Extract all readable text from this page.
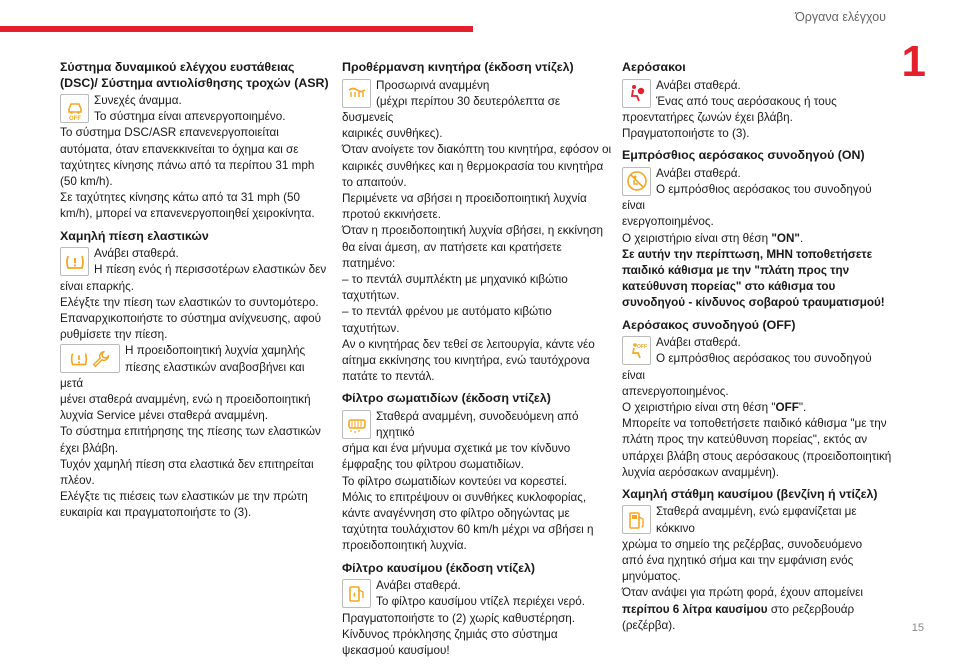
Όργανα ελέγχου
1
15
Σύστημα δυναμικού ελέγχου ευστάθειας (DSC)/ Σύστημα αντιολίσθησης τροχών (ASR)
OFF
Συνεχές άναμμα.
Το σύστημα είναι απενεργοποιημένο.

Το σύστημα DSC/ASR επανενεργοποιείται αυτόματα, όταν επανεκκινείται το όχημα και σε ταχύτητες κίνησης πάνω από τα περίπου 31 mph (50 km/h).

Σε ταχύτητες κίνησης κάτω από τα 31 mph (50 km/h), μπορεί να επανενεργοποιηθεί χειροκίνητα.

Χαμηλή πίεση ελαστικών
Ανάβει σταθερά.
Η πίεση ενός ή περισσοτέρων ελαστικών δεν

είναι επαρκής.

Ελέγξτε την πίεση των ελαστικών το συντομότερο.

Επαναρχικοποιήστε το σύστημα ανίχνευσης, αφού ρυθμίσετε την πίεση.

Η προειδοποιητική λυχνία χαμηλής
πίεσης ελαστικών αναβοσβήνει και μετά

μένει σταθερά αναμμένη, ενώ η προειδοποιητική λυχνία Service μένει σταθερά αναμμένη.

Το σύστημα επιτήρησης της πίεσης των ελαστικών έχει βλάβη.

Τυχόν χαμηλή πίεση στα ελαστικά δεν επιτηρείται πλέον.

Ελέγξτε τις πιέσεις των ελαστικών με την πρώτη ευκαιρία και πραγματοποιήστε το (3).

Προθέρμανση κινητήρα (έκδοση ντίζελ)
Προσωρινά αναμμένη
(μέχρι περίπου 30 δευτερόλεπτα σε δυσμενείς

καιρικές συνθήκες).

Όταν ανοίγετε τον διακόπτη του κινητήρα, εφόσον οι καιρικές συνθήκες και η θερμοκρασία του κινητήρα το απαιτούν.

Περιμένετε να σβήσει η προειδοποιητική λυχνία προτού εκκινήσετε.

Όταν η προειδοποιητική λυχνία σβήσει, η εκκίνηση θα είναι άμεση, αν πατήσετε και κρατήσετε πατημένο:

– το πεντάλ συμπλέκτη με μηχανικό κιβώτιο ταχυτήτων.

– το πεντάλ φρένου με αυτόματο κιβώτιο ταχυτήτων.

Αν ο κινητήρας δεν τεθεί σε λειτουργία, κάντε νέο αίτημα εκκίνησης του κινητήρα, ενώ ταυτόχρονα πατάτε το πεντάλ.

Φίλτρο σωματιδίων (έκδοση ντίζελ)
Σταθερά αναμμένη, συνοδευόμενη από ηχητικό
σήμα και ένα μήνυμα σχετικά με τον κίνδυνο

έμφραξης του φίλτρου σωματιδίων.

Το φίλτρο σωματιδίων κοντεύει να κορεστεί.

Μόλις το επιτρέψουν οι συνθήκες κυκλοφορίας, κάντε αναγέννηση στο φίλτρο οδηγώντας με ταχύτητα τουλάχιστον 60 km/h μέχρι να σβήσει η προειδοποιητική λυχνία.

Φίλτρο καυσίμου (έκδοση ντίζελ)
Ανάβει σταθερά.
Το φίλτρο καυσίμου ντίζελ περιέχει νερό.

Πραγματοποιήστε το (2) χωρίς καθυστέρηση. Κίνδυνος πρόκλησης ζημιάς στο σύστημα ψεκασμού καυσίμου!

Αερόσακοι
Ανάβει σταθερά.
Ένας από τους αερόσακους ή τους

προεντατήρες ζωνών έχει βλάβη.

Πραγματοποιήστε το (3).

Εμπρόσθιος αερόσακος συνοδηγού (ON)
Ανάβει σταθερά.
Ο εμπρόσθιος αερόσακος του συνοδηγού είναι

ενεργοποιημένος.

Ο χειριστήριο είναι στη θέση "ON".

Σε αυτήν την περίπτωση, ΜΗΝ τοποθετήσετε παιδικό κάθισμα με την "πλάτη προς την κατεύθυνση πορείας" στο κάθισμα του συνοδηγού - κίνδυνος σοβαρού τραυματισμού!

Αερόσακος συνοδηγού (OFF)
OFF Ανάβει σταθερά.
Ο εμπρόσθιος αερόσακος του συνοδηγού είναι

απενεργοποιημένος.

Ο χειριστήριο είναι στη θέση "OFF".

Μπορείτε να τοποθετήσετε παιδικό κάθισμα "με την πλάτη προς την κατεύθυνση πορείας", εκτός αν υπάρχει βλάβη στους αερόσακους (προειδοποιητική λυχνία αερόσακων αναμμένη).

Χαμηλή στάθμη καυσίμου (βενζίνη ή ντίζελ)
Σταθερά αναμμένη, ενώ εμφανίζεται με κόκκινο
χρώμα το σημείο της ρεζέρβας, συνοδευόμενο

από ένα ηχητικό σήμα και την εμφάνιση ενός μηνύματος.

Όταν ανάψει για πρώτη φορά, έχουν απομείνει

περίπου 6 λίτρα καυσίμου στο ρεζερβουάρ (ρεζέρβα).
